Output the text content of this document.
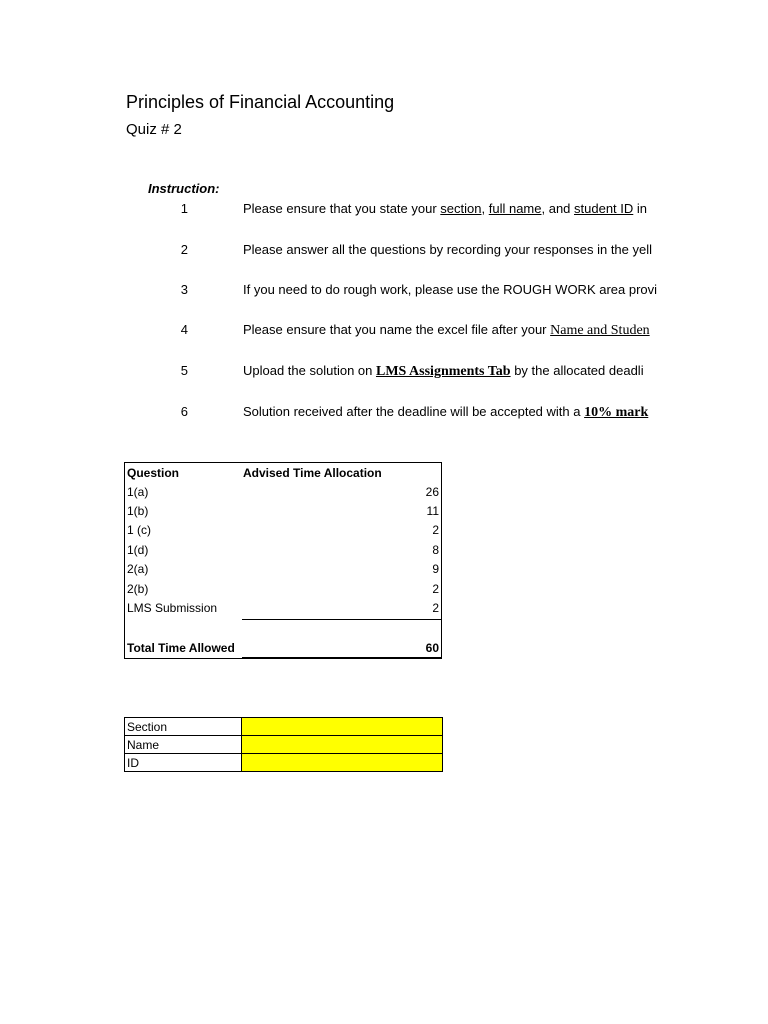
Principles of Financial Accounting
Quiz # 2
Instruction:
1	Please ensure that you state your section, full name, and student ID in
2	Please answer all the questions by recording your responses in the yell
3	If you need to do rough work, please use the ROUGH WORK area provi
4	Please ensure that you name the excel file after your Name and Studen
5	Upload the solution on LMS Assignments Tab by the allocated deadli
6	Solution received after the deadline will be accepted with a 10% mark
Question	Advised Time Allocation
1(a)	26
1(b)	11
1 (c)	2
1(d)	8
2(a)	9
2(b)	2
LMS Submission	2
Total Time Allowed	60
Section	
Name	
ID	
